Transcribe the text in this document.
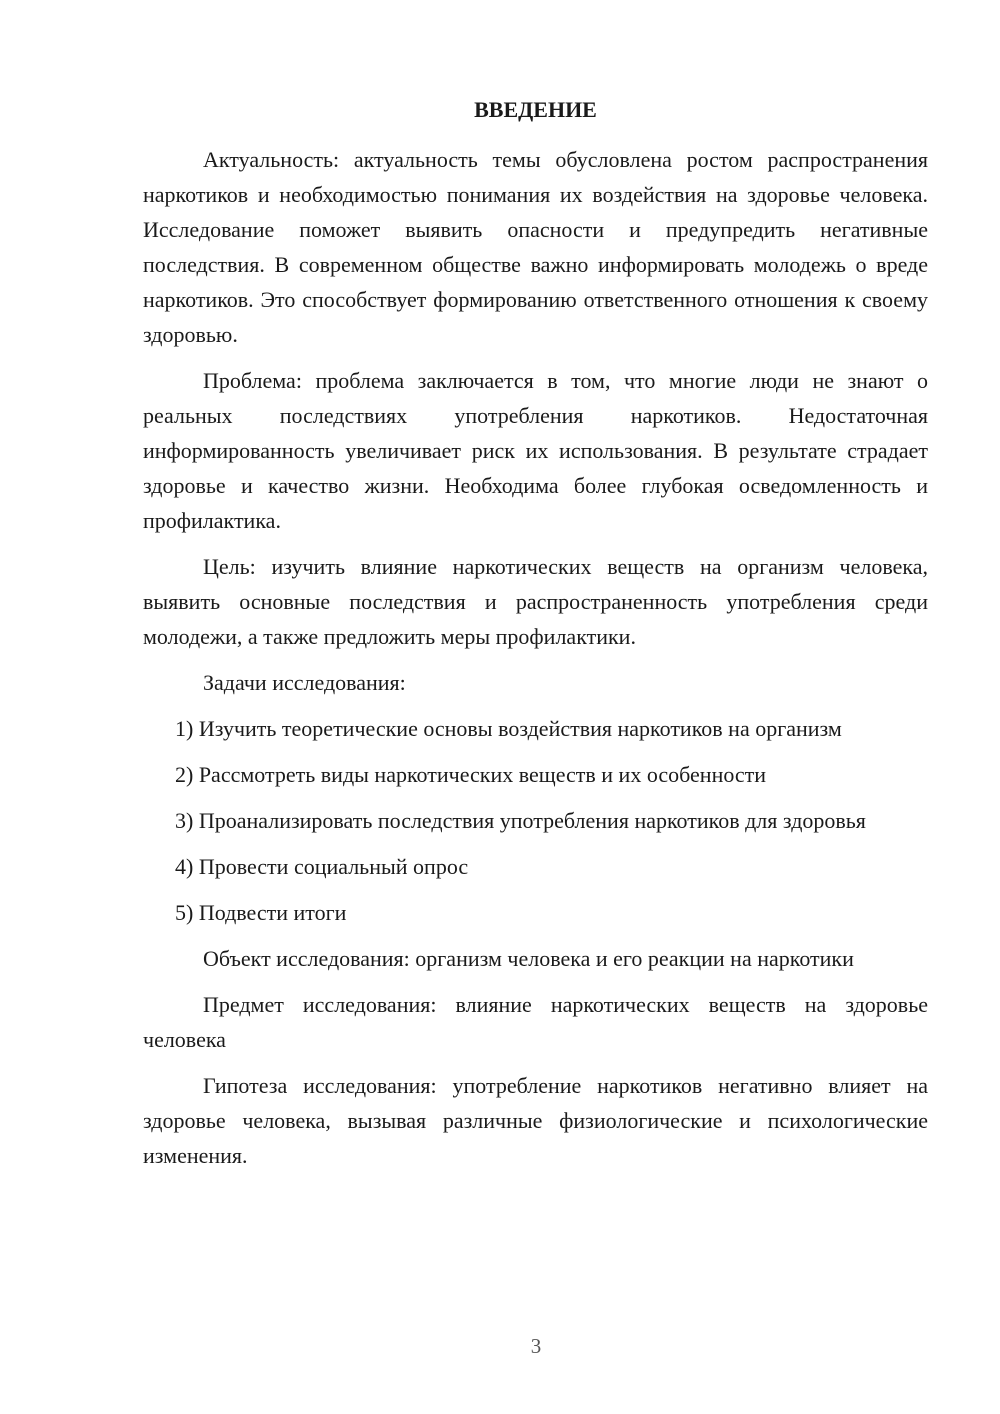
ВВЕДЕНИЕ

Актуальность: актуальность темы обусловлена ростом распространения наркотиков и необходимостью понимания их воздействия на здоровье человека. Исследование поможет выявить опасности и предупредить негативные последствия. В современном обществе важно информировать молодежь о вреде наркотиков. Это способствует формированию ответственного отношения к своему здоровью.

Проблема: проблема заключается в том, что многие люди не знают о реальных последствиях употребления наркотиков. Недостаточная информированность увеличивает риск их использования. В результате страдает здоровье и качество жизни. Необходима более глубокая осведомленность и профилактика.

Цель: изучить влияние наркотических веществ на организм человека, выявить основные последствия и распространенность употребления среди молодежи, а также предложить меры профилактики.

Задачи исследования:

1) Изучить теоретические основы воздействия наркотиков на организм

2) Рассмотреть виды наркотических веществ и их особенности

3) Проанализировать последствия употребления наркотиков для здоровья

4) Провести социальный опрос

5) Подвести итоги

Объект исследования: организм человека и его реакции на наркотики

Предмет исследования: влияние наркотических веществ на здоровье человека

Гипотеза исследования: употребление наркотиков негативно влияет на здоровье человека, вызывая различные физиологические и психологические изменения.

3
